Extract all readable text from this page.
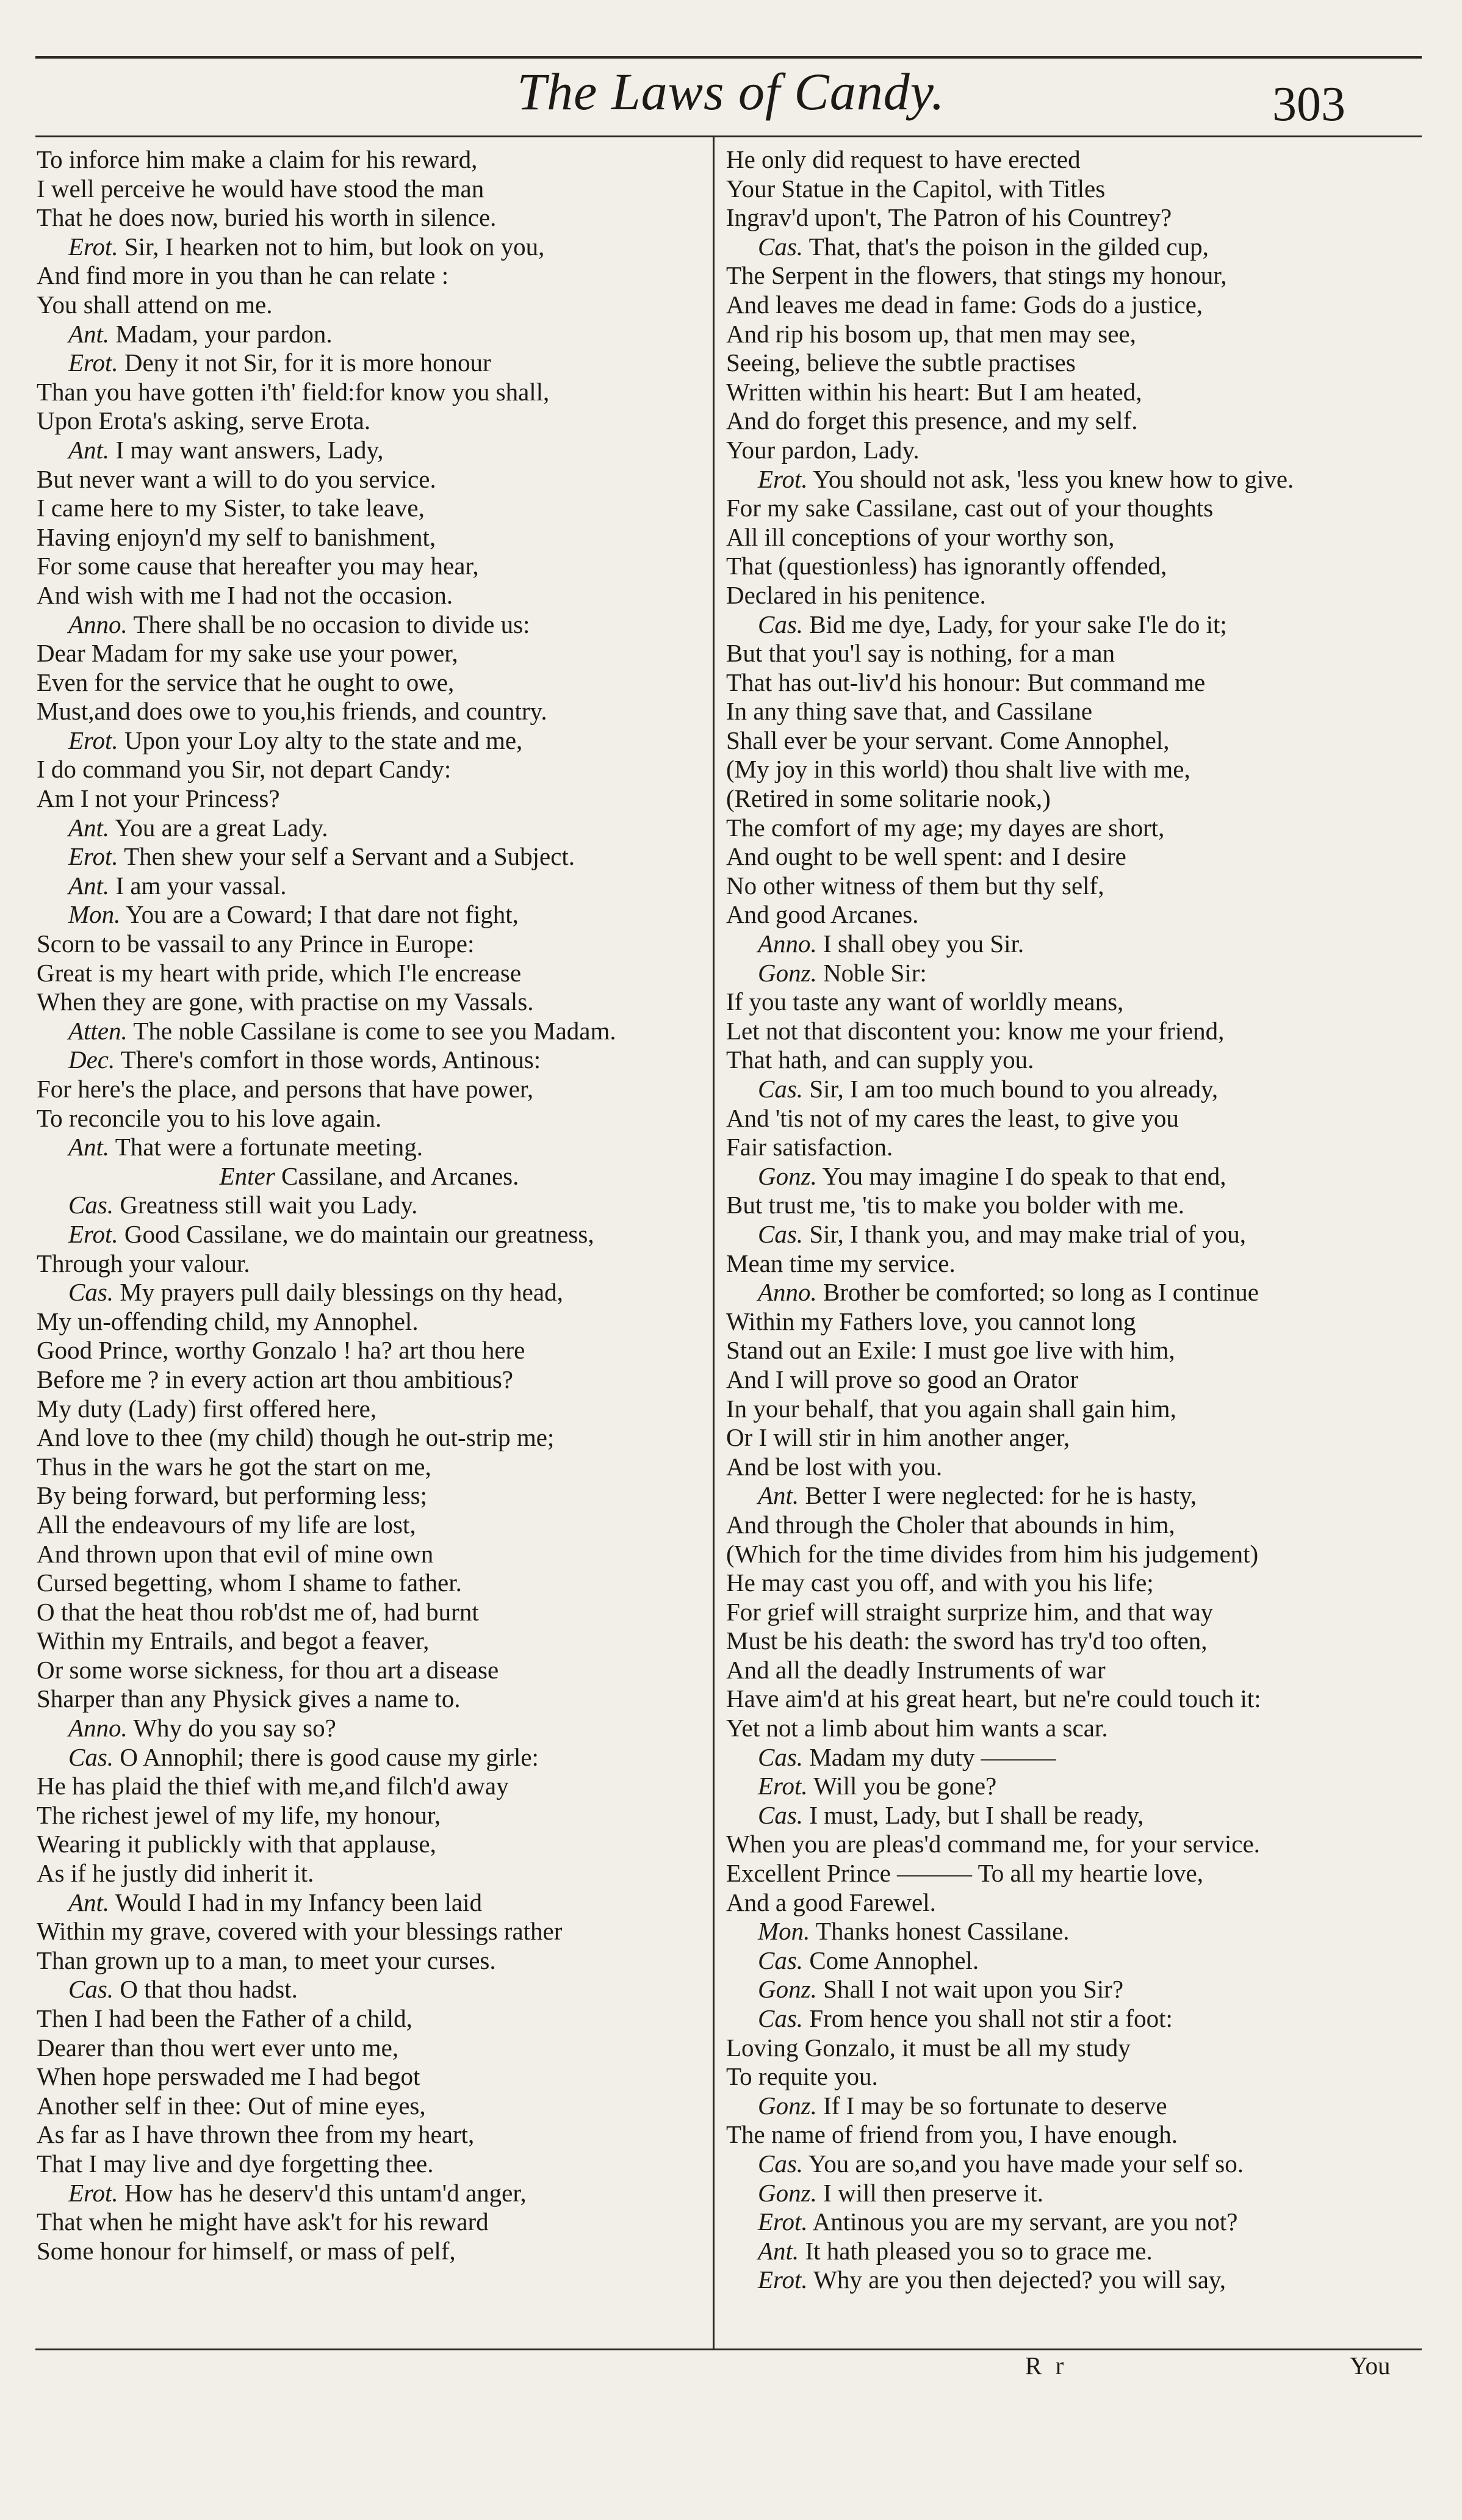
The Laws of Candy.	303
To inforce him make a claim for his reward,
I well perceive he would have stood the man
That he does now, buried his worth in silence.
Erot. Sir, I hearken not to him, but look on you,
And find more in you than he can relate :
You shall attend on me.
Ant. Madam, your pardon.
Erot. Deny it not Sir, for it is more honour
Than you have gotten i'th' field:for know you shall,
Upon Erota's asking, serve Erota.
Ant. I may want answers, Lady,
But never want a will to do you service.
I came here to my Sister, to take leave,
Having enjoyn'd my self to banishment,
For some cause that hereafter you may hear,
And wish with me I had not the occasion.
Anno. There shall be no occasion to divide us:
Dear Madam for my sake use your power,
Even for the service that he ought to owe,
Must,and does owe to you,his friends, and country.
Erot. Upon your Loy alty to the state and me,
I do command you Sir, not depart Candy:
Am I not your Princess?
Ant. You are a great Lady.
Erot. Then shew your self a Servant and a Subject.
Ant. I am your vassal.
Mon. You are a Coward; I that dare not fight,
Scorn to be vassail to any Prince in Europe:
Great is my heart with pride, which I'le encrease
When they are gone, with practise on my Vassals.
Atten. The noble Cassilane is come to see you Madam.
Dec. There's comfort in those words, Antinous:
For here's the place, and persons that have power,
To reconcile you to his love again.
Ant. That were a fortunate meeting.
Enter Cassilane, and Arcanes.
Cas. Greatness still wait you Lady.
Erot. Good Cassilane, we do maintain our greatness,
Through your valour.
Cas. My prayers pull daily blessings on thy head,
My un-offending child, my Annophel.
Good Prince, worthy Gonzalo ! ha? art thou here
Before me ? in every action art thou ambitious?
My duty (Lady) first offered here,
And love to thee (my child) though he out-strip me;
Thus in the wars he got the start on me,
By being forward, but performing less;
All the endeavours of my life are lost,
And thrown upon that evil of mine own
Cursed begetting, whom I shame to father.
O that the heat thou rob'dst me of, had burnt
Within my Entrails, and begot a feaver,
Or some worse sickness, for thou art a disease
Sharper than any Physick gives a name to.
Anno. Why do you say so?
Cas. O Annophil; there is good cause my girle:
He has plaid the thief with me,and filch'd away
The richest jewel of my life, my honour,
Wearing it publickly with that applause,
As if he justly did inherit it.
Ant. Would I had in my Infancy been laid
Within my grave, covered with your blessings rather
Than grown up to a man, to meet your curses.
Cas. O that thou hadst.
Then I had been the Father of a child,
Dearer than thou wert ever unto me,
When hope perswaded me I had begot
Another self in thee: Out of mine eyes,
As far as I have thrown thee from my heart,
That I may live and dye forgetting thee.
Erot. How has he deserv'd this untam'd anger,
That when he might have ask't for his reward
Some honour for himself, or mass of pelf,
He only did request to have erected
Your Statue in the Capitol, with Titles
Ingrav'd upon't, The Patron of his Countrey?
Cas. That, that's the poison in the gilded cup,
The Serpent in the flowers, that stings my honour,
And leaves me dead in fame: Gods do a justice,
And rip his bosom up, that men may see,
Seeing, believe the subtle practises
Written within his heart: But I am heated,
And do forget this presence, and my self.
Your pardon, Lady.
Erot. You should not ask, 'less you knew how to give.
For my sake Cassilane, cast out of your thoughts
All ill conceptions of your worthy son,
That (questionless) has ignorantly offended,
Declared in his penitence.
Cas. Bid me dye, Lady, for your sake I'le do it;
But that you'l say is nothing, for a man
That has out-liv'd his honour: But command me
In any thing save that, and Cassilane
Shall ever be your servant. Come Annophel,
(My joy in this world) thou shalt live with me,
(Retired in some solitarie nook,)
The comfort of my age; my dayes are short,
And ought to be well spent: and I desire
No other witness of them but thy self,
And good Arcanes.
Anno. I shall obey you Sir.
Gonz. Noble Sir:
If you taste any want of worldly means,
Let not that discontent you: know me your friend,
That hath, and can supply you.
Cas. Sir, I am too much bound to you already,
And 'tis not of my cares the least, to give you
Fair satisfaction.
Gonz. You may imagine I do speak to that end,
But trust me, 'tis to make you bolder with me.
Cas. Sir, I thank you, and may make trial of you,
Mean time my service.
Anno. Brother be comforted; so long as I continue
Within my Fathers love, you cannot long
Stand out an Exile: I must goe live with him,
And I will prove so good an Orator
In your behalf, that you again shall gain him,
Or I will stir in him another anger,
And be lost with you.
Ant. Better I were neglected: for he is hasty,
And through the Choler that abounds in him,
(Which for the time divides from him his judgement)
He may cast you off, and with you his life;
For grief will straight surprize him, and that way
Must be his death: the sword has try'd too often,
And all the deadly Instruments of war
Have aim'd at his great heart, but ne're could touch it:
Yet not a limb about him wants a scar.
Cas. Madam my duty ———
Erot. Will you be gone?
Cas. I must, Lady, but I shall be ready,
When you are pleas'd command me, for your service.
Excellent Prince ——— To all my heartie love,
And a good Farewel.
Mon. Thanks honest Cassilane.
Cas. Come Annophel.
Gonz. Shall I not wait upon you Sir?
Cas. From hence you shall not stir a foot:
Loving Gonzalo, it must be all my study
To requite you.
Gonz. If I may be so fortunate to deserve
The name of friend from you, I have enough.
Cas. You are so,and you have made your self so.
Gonz. I will then preserve it.
Erot. Antinous you are my servant, are you not?
Ant. It hath pleased you so to grace me.
Erot. Why are you then dejected? you will say,
R r	You
